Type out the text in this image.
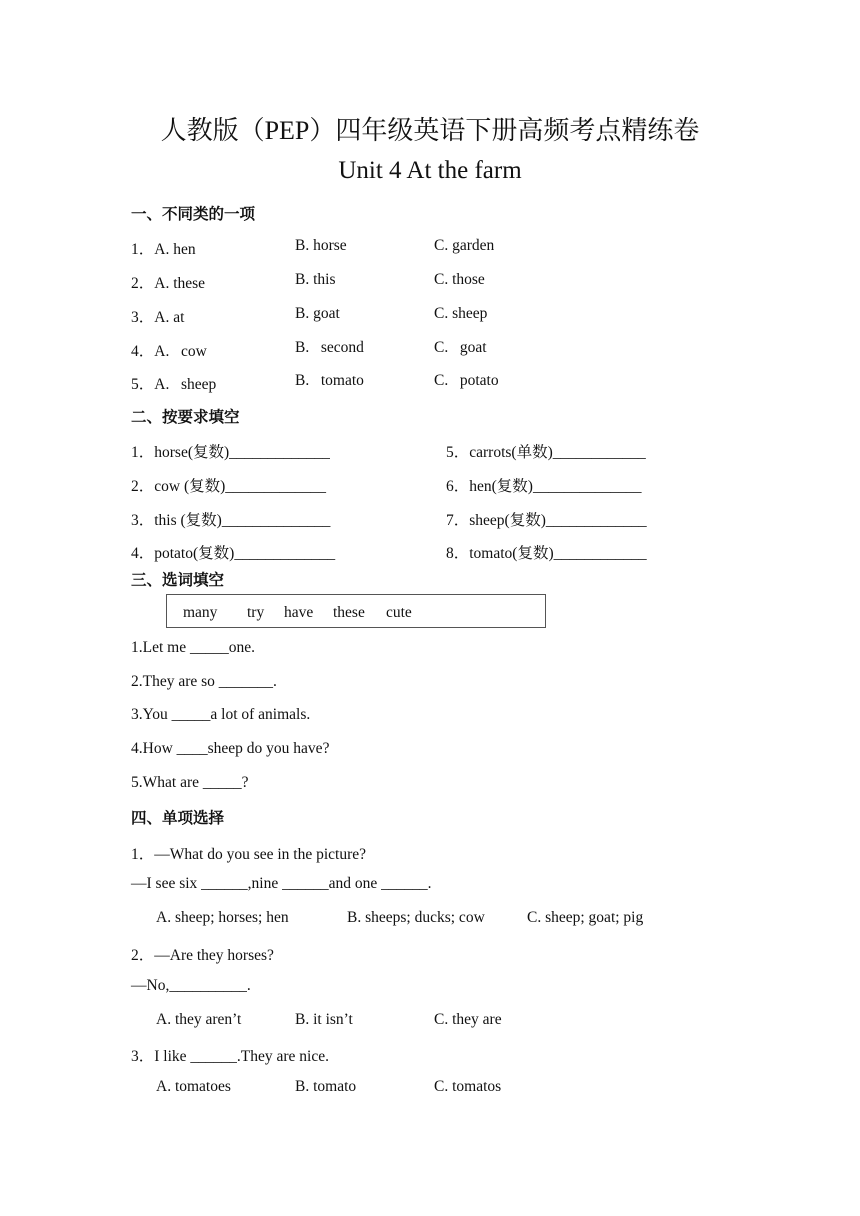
人教版（PEP）四年级英语下册高频考点精练卷
Unit 4 At the farm
一、不同类的一项
1．A. hen	B. horse	C. garden
2．A. these	B. this	C. those
3．A. at	B. goat	C. sheep
4．A.   cow	B.   second	C.   goat
5．A.   sheep	B.   tomato	C.   potato
二、按要求填空
1．horse(复数)_____________
2．cow (复数)_____________
3．this (复数)______________
4．potato(复数)_____________
5．carrots(单数)____________
6．hen(复数)______________
7．sheep(复数)_____________
8．tomato(复数)____________
三、选词填空
many try have these cute
1.Let me _____one.
2.They are so _______.
3.You _____a lot of animals.
4.How ____sheep do you have?
5.What are _____?
四、单项选择
1．—What do you see in the picture?
—I see six ______,nine ______and one ______.
A. sheep; horses; hen	B. sheeps; ducks; cow	C. sheep; goat; pig
2．—Are they horses?
—No,__________.
A. they aren’t	B. it isn’t	C. they are
3．I like ______.They are nice.
A. tomatoes	B. tomato	C. tomatos
